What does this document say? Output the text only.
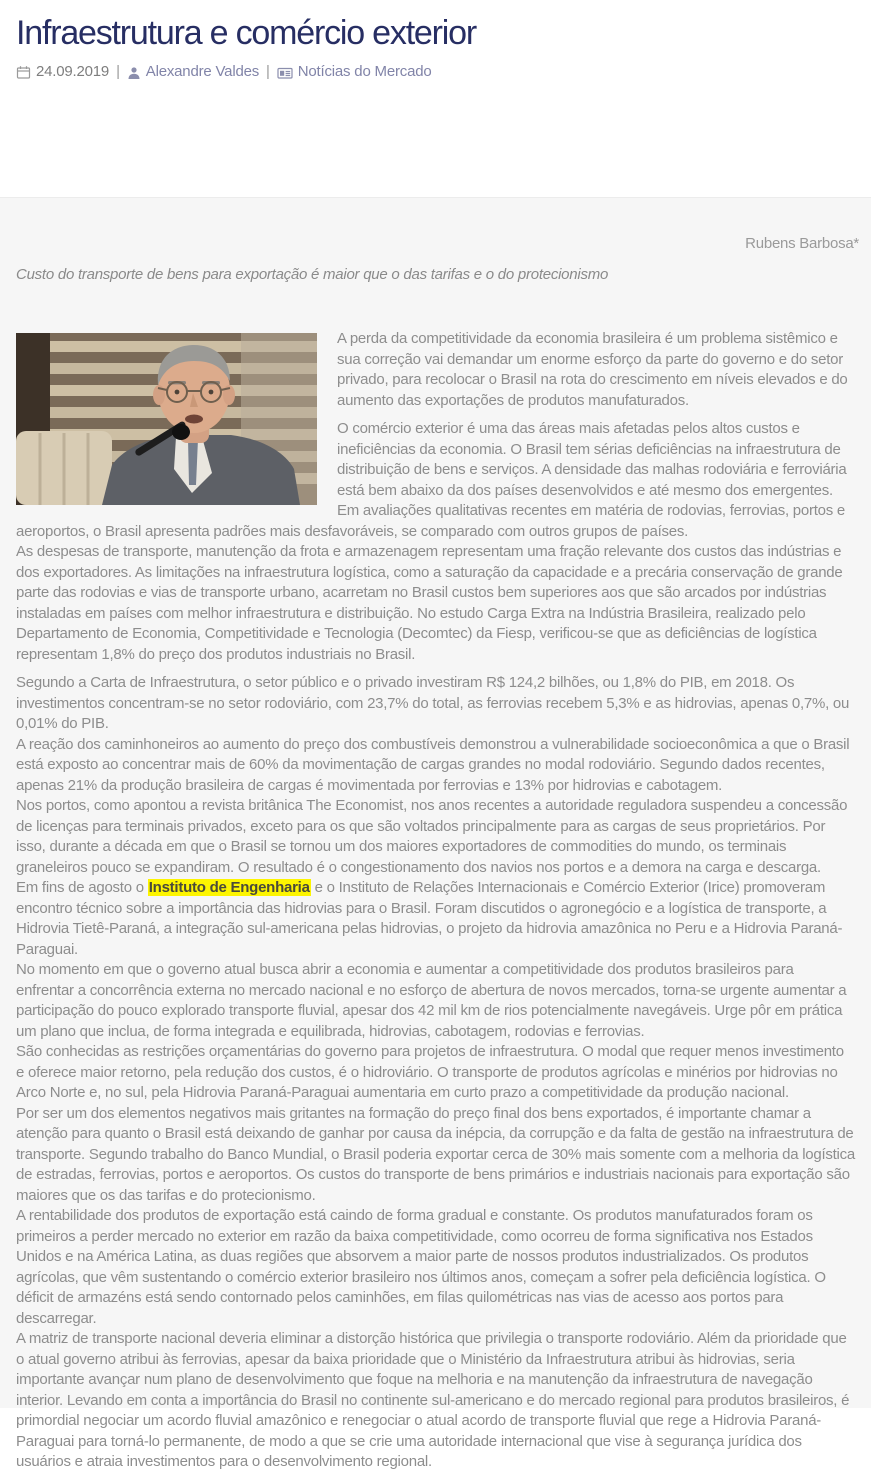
Infraestrutura e comércio exterior
24.09.2019 | Alexandre Valdes | Notícias do Mercado
Rubens Barbosa*
Custo do transporte de bens para exportação é maior que o das tarifas e o do protecionismo

A perda da competitividade da economia brasileira é um problema sistêmico e sua correção vai demandar um enorme esforço da parte do governo e do setor privado, para recolocar o Brasil na rota do crescimento em níveis elevados e do aumento das exportações de produtos manufaturados.

O comércio exterior é uma das áreas mais afetadas pelos altos custos e ineficiências da economia. O Brasil tem sérias deficiências na infraestrutura de distribuição de bens e serviços. A densidade das malhas rodoviária e ferroviária está bem abaixo da dos países desenvolvidos e até mesmo dos emergentes. Em avaliações qualitativas recentes em matéria de rodovias, ferrovias, portos e aeroportos, o Brasil apresenta padrões mais desfavoráveis, se comparado com outros grupos de países.

As despesas de transporte, manutenção da frota e armazenagem representam uma fração relevante dos custos das indústrias e dos exportadores. As limitações na infraestrutura logística, como a saturação da capacidade e a precária conservação de grande parte das rodovias e vias de transporte urbano, acarretam no Brasil custos bem superiores aos que são arcados por indústrias instaladas em países com melhor infraestrutura e distribuição. No estudo Carga Extra na Indústria Brasileira, realizado pelo Departamento de Economia, Competitividade e Tecnologia (Decomtec) da Fiesp, verificou-se que as deficiências de logística representam 1,8% do preço dos produtos industriais no Brasil.

Segundo a Carta de Infraestrutura, o setor público e o privado investiram R$ 124,2 bilhões, ou 1,8% do PIB, em 2018. Os investimentos concentram-se no setor rodoviário, com 23,7% do total, as ferrovias recebem 5,3% e as hidrovias, apenas 0,7%, ou 0,01% do PIB.

A reação dos caminhoneiros ao aumento do preço dos combustíveis demonstrou a vulnerabilidade socioeconômica a que o Brasil está exposto ao concentrar mais de 60% da movimentação de cargas grandes no modal rodoviário. Segundo dados recentes, apenas 21% da produção brasileira de cargas é movimentada por ferrovias e 13% por hidrovias e cabotagem.

Nos portos, como apontou a revista britânica The Economist, nos anos recentes a autoridade reguladora suspendeu a concessão de licenças para terminais privados, exceto para os que são voltados principalmente para as cargas de seus proprietários. Por isso, durante a década em que o Brasil se tornou um dos maiores exportadores de commodities do mundo, os terminais graneleiros pouco se expandiram. O resultado é o congestionamento dos navios nos portos e a demora na carga e descarga.

Em fins de agosto o Instituto de Engenharia e o Instituto de Relações Internacionais e Comércio Exterior (Irice) promoveram encontro técnico sobre a importância das hidrovias para o Brasil. Foram discutidos o agronegócio e a logística de transporte, a Hidrovia Tietê-Paraná, a integração sul-americana pelas hidrovias, o projeto da hidrovia amazônica no Peru e a Hidrovia Paraná-Paraguai.

No momento em que o governo atual busca abrir a economia e aumentar a competitividade dos produtos brasileiros para enfrentar a concorrência externa no mercado nacional e no esforço de abertura de novos mercados, torna-se urgente aumentar a participação do pouco explorado transporte fluvial, apesar dos 42 mil km de rios potencialmente navegáveis. Urge pôr em prática um plano que inclua, de forma integrada e equilibrada, hidrovias, cabotagem, rodovias e ferrovias.

São conhecidas as restrições orçamentárias do governo para projetos de infraestrutura. O modal que requer menos investimento e oferece maior retorno, pela redução dos custos, é o hidroviário. O transporte de produtos agrícolas e minérios por hidrovias no Arco Norte e, no sul, pela Hidrovia Paraná-Paraguai aumentaria em curto prazo a competitividade da produção nacional.

Por ser um dos elementos negativos mais gritantes na formação do preço final dos bens exportados, é importante chamar a atenção para quanto o Brasil está deixando de ganhar por causa da inépcia, da corrupção e da falta de gestão na infraestrutura de transporte. Segundo trabalho do Banco Mundial, o Brasil poderia exportar cerca de 30% mais somente com a melhoria da logística de estradas, ferrovias, portos e aeroportos. Os custos do transporte de bens primários e industriais nacionais para exportação são maiores que os das tarifas e do protecionismo.

A rentabilidade dos produtos de exportação está caindo de forma gradual e constante. Os produtos manufaturados foram os primeiros a perder mercado no exterior em razão da baixa competitividade, como ocorreu de forma significativa nos Estados Unidos e na América Latina, as duas regiões que absorvem a maior parte de nossos produtos industrializados. Os produtos agrícolas, que vêm sustentando o comércio exterior brasileiro nos últimos anos, começam a sofrer pela deficiência logística. O déficit de armazéns está sendo contornado pelos caminhões, em filas quilométricas nas vias de acesso aos portos para descarregar.

A matriz de transporte nacional deveria eliminar a distorção histórica que privilegia o transporte rodoviário. Além da prioridade que o atual governo atribui às ferrovias, apesar da baixa prioridade que o Ministério da Infraestrutura atribui às hidrovias, seria importante avançar num plano de desenvolvimento que foque na melhoria e na manutenção da infraestrutura de navegação interior. Levando em conta a importância do Brasil no continente sul-americano e do mercado regional para produtos brasileiros, é primordial negociar um acordo fluvial amazônico e renegociar o atual acordo de transporte fluvial que rege a Hidrovia Paraná-Paraguai para torná-lo permanente, de modo a que se crie uma autoridade internacional que vise à segurança jurídica dos usuários e atraia investimentos para o desenvolvimento regional.
